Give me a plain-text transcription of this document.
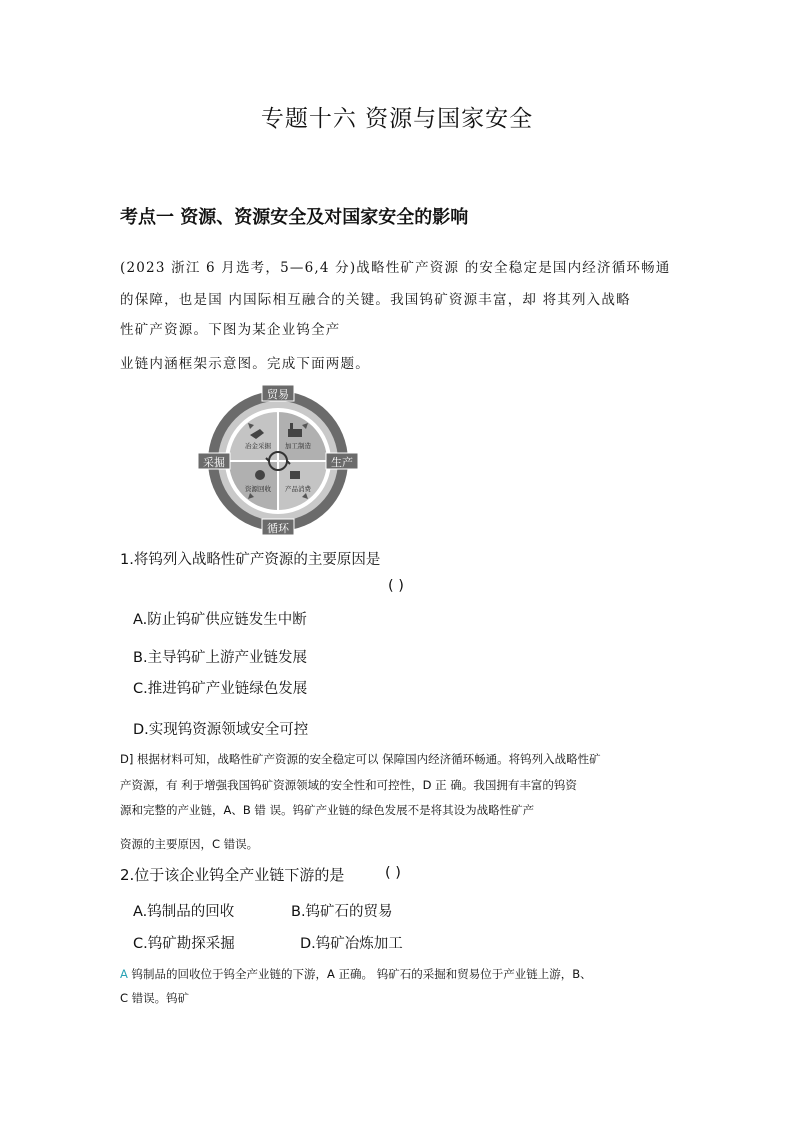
专题十六 资源与国家安全
考点一 资源、资源安全及对国家安全的影响
(2023 浙江 6 月选考，5—6,4 分)战略性矿产资源 的安全稳定是国内经济循环畅通
的保障，也是国 内国际相互融合的关键。我国钨矿资源丰富，却 将其列入战略
性矿产资源。下图为某企业钨全产
业链内涵框架示意图。完成下面两题。
冶金采掘 加工制造
资源回收 产品消费
贸易
采掘	生产
循环
1.将钨列入战略性矿产资源的主要原因是
( )
A.防止钨矿供应链发生中断
B.主导钨矿上游产业链发展
C.推进钨矿产业链绿色发展
D.实现钨资源领域安全可控
D] 根据材料可知，战略性矿产资源的安全稳定可以 保障国内经济循环畅通。将钨列入战略性矿
产资源，有 利于增强我国钨矿资源领域的安全性和可控性，D 正 确。我国拥有丰富的钨资
源和完整的产业链，A、B 错 误。钨矿产业链的绿色发展不是将其设为战略性矿产
资源的主要原因，C 错误。
2.位于该企业钨全产业链下游的是	( )
A.钨制品的回收	B.钨矿石的贸易
C.钨矿勘探采掘	D.钨矿冶炼加工
A 钨制品的回收位于钨全产业链的下游，A 正确。 钨矿石的采掘和贸易位于产业链上游，B、
C 错误。钨矿
